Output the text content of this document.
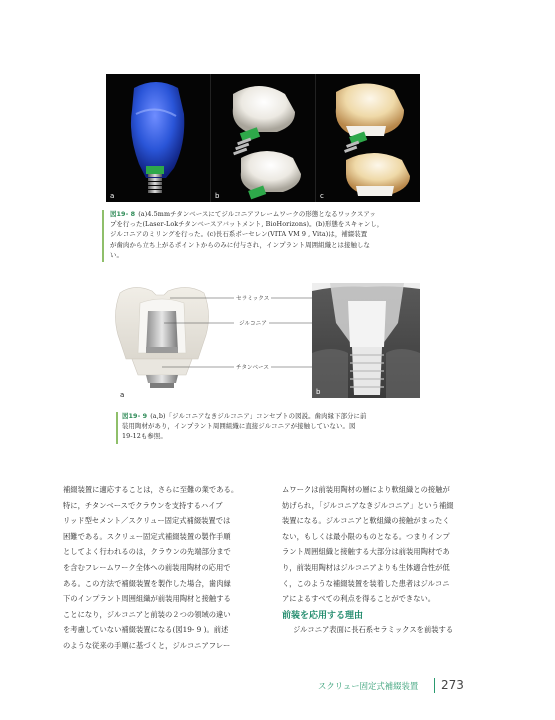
a	b	c
図19- 8 (a)4.5mmチタンベースにてジルコニアフレームワークの形態となるワックスアッ
プを行った(Laser-Lokチタンベースアバットメント, BioHorizons)。(b)形態をスキャンし，
ジルコニアのミリングを行った。(c)長石系ポーセレン(VITA VM 9 , Vita)は，補綴装置
が歯肉から立ち上がるポイントからのみに付与され，インプラント周囲組織とは接触しな
い。
セラミックス
ジルコニア
チタンベース
a	b
図19- 9 (a,b)「ジルコニアなきジルコニア」コンセプトの図説。歯肉縁下部分に前
装用陶材があり，インプラント周囲組織に直接ジルコニアが接触していない。図
19-12も参照。
補綴装置に適応することは，さらに至難の業である。
特に，チタンベースでクラウンを支持するハイブ
リッド型セメント／スクリュー固定式補綴装置では
困難である。スクリュー固定式補綴装置の製作手順
としてよく行われるのは，クラウンの先端部分まで
を含むフレームワーク全体への前装用陶材の応用で
ある。この方法で補綴装置を製作した場合，歯肉縁
下のインプラント周囲組織が前装用陶材と接触する
ことになり，ジルコニアと前装の２つの領域の違い
を考慮していない補綴装置になる(図19- 9 )。前述
のような従来の手順に基づくと，ジルコニアフレー
ムワークは前装用陶材の層により軟組織との接触が
妨げられ，「ジルコニアなきジルコニア」という補綴
装置になる。ジルコニアと軟組織の接触がまったく
ない，もしくは最小限のものとなる。つまりインプ
ラント周囲組織と接触する大部分は前装用陶材であ
り，前装用陶材はジルコニアよりも生体適合性が低
く，このような補綴装置を装着した患者はジルコニ
アによるすべての利点を得ることができない。
前装を応用する理由
ジルコニア表面に長石系セラミックスを前装する
スクリュー固定式補綴装置 273
